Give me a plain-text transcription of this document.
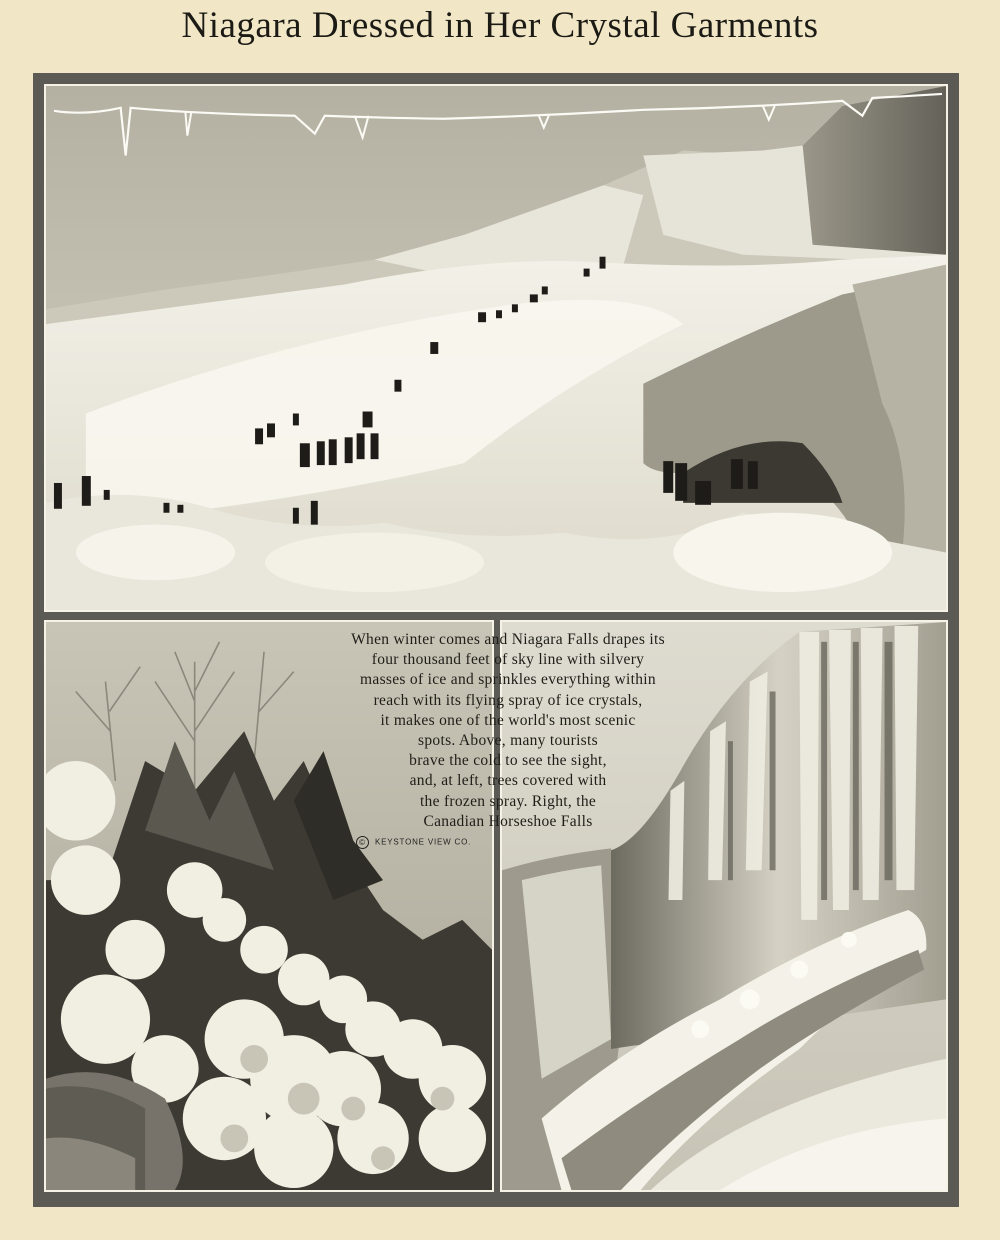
Niagara Dressed in Her Crystal Garments
When winter comes and Niagara Falls drapes its
four thousand feet of sky line with silvery
masses of ice and sprinkles everything within
reach with its flying spray of ice crystals,
it makes one of the world's most scenic
spots. Above, many tourists
brave the cold to see the sight,
and, at left, trees covered with
the frozen spray. Right, the
Canadian Horseshoe Falls
© KEYSTONE VIEW CO.
